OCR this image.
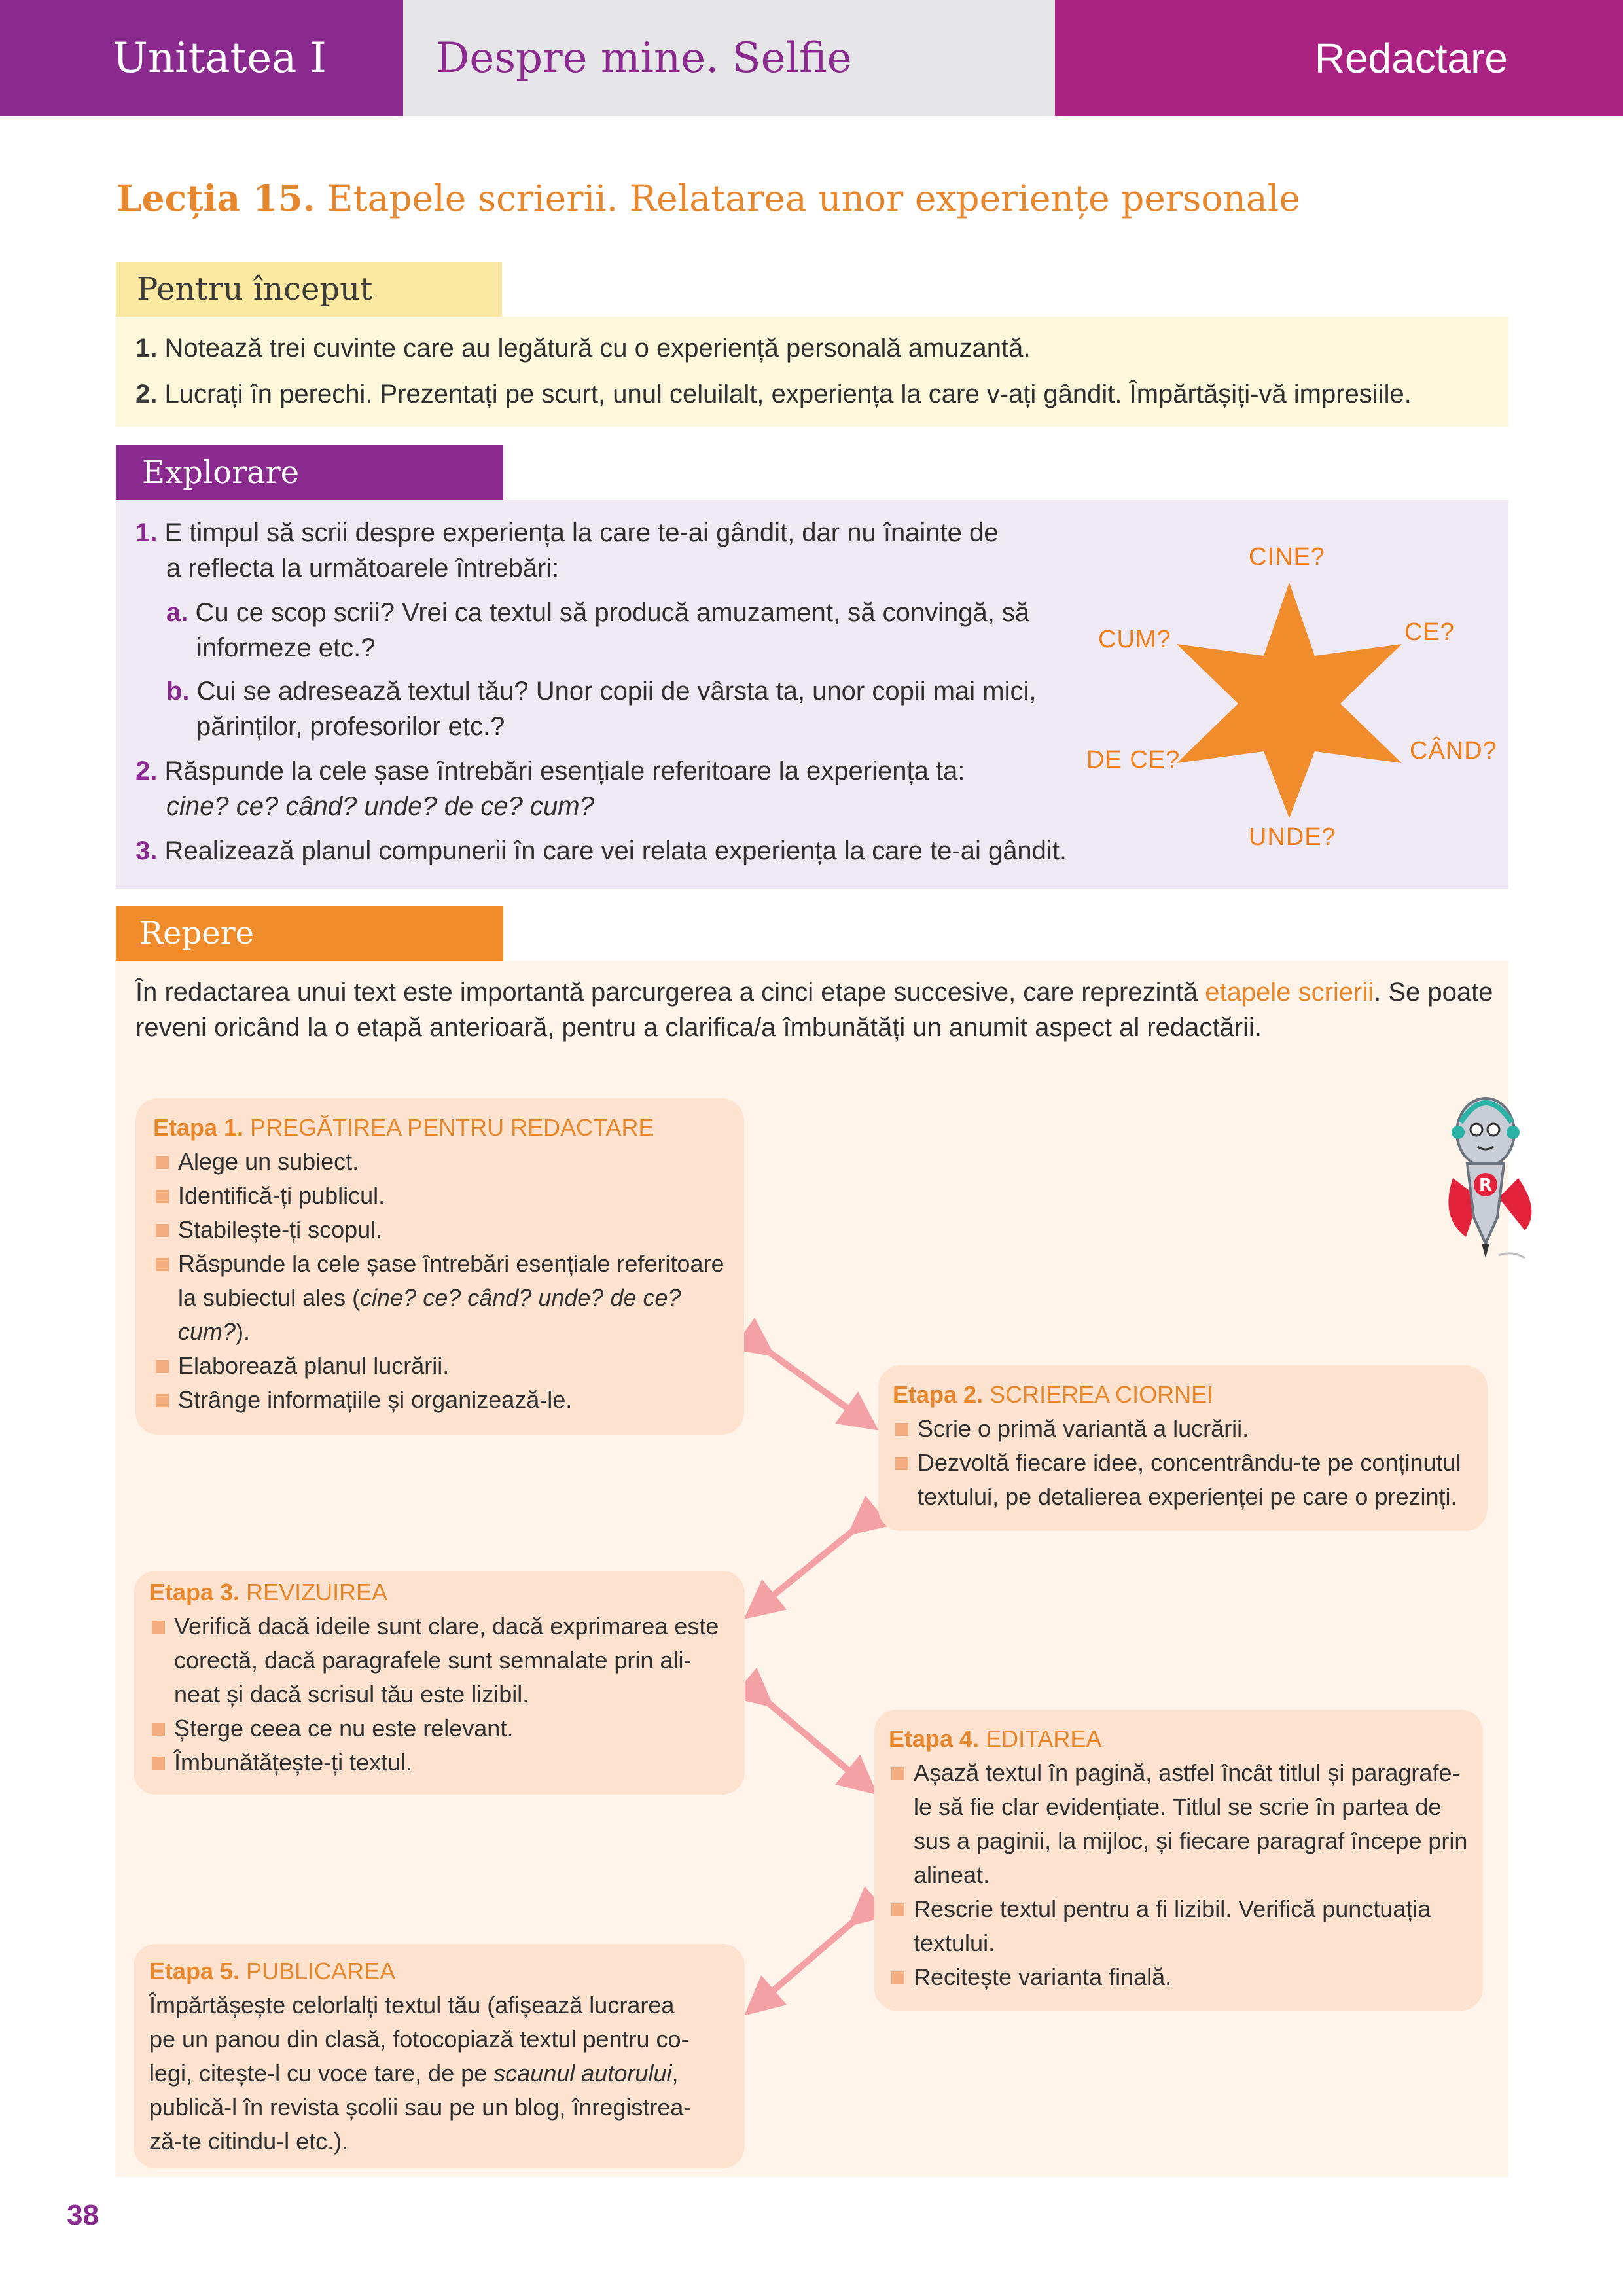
Unitatea I	Despre mine. Selfie	Redactare
Lecția 15. Etapele scrierii. Relatarea unor experiențe personale
Pentru început
1. Notează trei cuvinte care au legătură cu o experiență personală amuzantă.
2. Lucrați în perechi. Prezentați pe scurt, unul celuilalt, experiența la care v-ați gândit. Împărtășiți-vă impresiile.
Explorare
1. E timpul să scrii despre experiența la care te-ai gândit, dar nu înainte de
a reflecta la următoarele întrebări:
a. Cu ce scop scrii? Vrei ca textul să producă amuzament, să convingă, să
informeze etc.?
b. Cui se adresează textul tău? Unor copii de vârsta ta, unor copii mai mici,
părinților, profesorilor etc.?
2. Răspunde la cele șase întrebări esențiale referitoare la experiența ta:
cine? ce? când? unde? de ce? cum?
3. Realizează planul compunerii în care vei relata experiența la care te-ai gândit.
CINE?
CE?
CÂND?
UNDE?
DE CE?
CUM?
Repere
În redactarea unui text este importantă parcurgerea a cinci etape succesive, care reprezintă etapele scrierii. Se poate
reveni oricând la o etapă anterioară, pentru a clarifica/a îmbunătăți un anumit aspect al redactării.
Etapa 1. PREGĂTIREA PENTRU REDACTARE
Alege un subiect.
Identifică-ți publicul.
Stabilește-ți scopul.
Răspunde la cele șase întrebări esențiale referitoare
la subiectul ales (cine? ce? când? unde? de ce?
cum?).
Elaborează planul lucrării.
Strânge informațiile și organizează-le.	Etapa 2. SCRIEREA CIORNEI
Scrie o primă variantă a lucrării.
Dezvoltă fiecare idee, concentrându-te pe conținutul
textului, pe detalierea experienței pe care o prezinți.
Etapa 3. REVIZUIREA
Verifică dacă ideile sunt clare, dacă exprimarea este
corectă, dacă paragrafele sunt semnalate prin ali-
neat și dacă scrisul tău este lizibil.
Șterge ceea ce nu este relevant.
Îmbunătățește-ți textul.
Etapa 4. EDITAREA
Așază textul în pagină, astfel încât titlul și paragrafe-
le să fie clar evidențiate. Titlul se scrie în partea de
sus a paginii, la mijloc, și fiecare paragraf începe prin
alineat.
Rescrie textul pentru a fi lizibil. Verifică punctuația
textului.
Recitește varianta finală.
Etapa 5. PUBLICAREA
Împărtășește celorlalți textul tău (afișează lucrarea
pe un panou din clasă, fotocopiază textul pentru co-
legi, citește-l cu voce tare, de pe scaunul autorului,
publică-l în revista școlii sau pe un blog, înregistrea-
ză-te citindu-l etc.).
R
38
